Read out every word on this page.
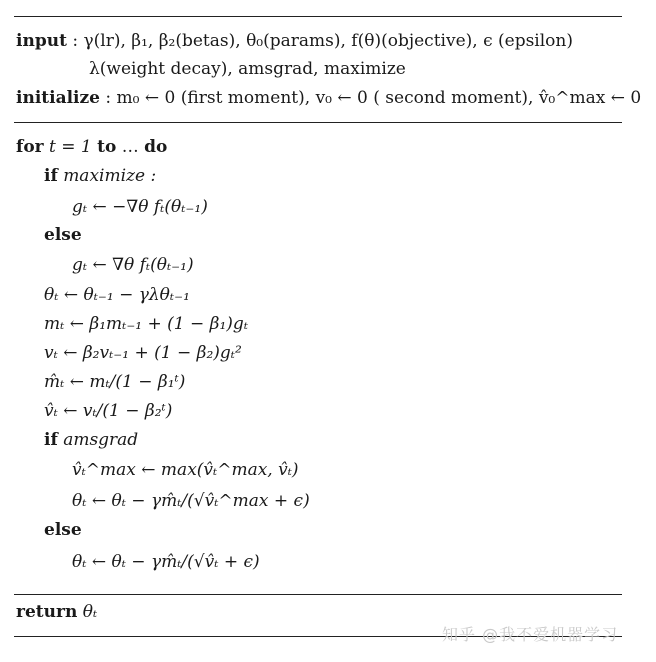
input : γ(lr), β₁, β₂(betas), θ₀(params), f(θ)(objective), ϵ (epsilon)
λ(weight decay), amsgrad, maximize
initialize : m₀ ← 0 (first moment), v₀ ← 0 ( second moment), v̂₀^max ← 0
for t = 1 to … do
if maximize :
gₜ ← −∇θ fₜ(θₜ₋₁)
else
gₜ ← ∇θ fₜ(θₜ₋₁)
θₜ ← θₜ₋₁ − γλθₜ₋₁
mₜ ← β₁mₜ₋₁ + (1 − β₁)gₜ
vₜ ← β₂vₜ₋₁ + (1 − β₂)gₜ²
m̂ₜ ← mₜ/(1 − β₁ᵗ)
v̂ₜ ← vₜ/(1 − β₂ᵗ)
if amsgrad
v̂ₜ^max ← max(v̂ₜ^max, v̂ₜ)
θₜ ← θₜ − γm̂ₜ/(√v̂ₜ^max + ϵ)
else
θₜ ← θₜ − γm̂ₜ/(√v̂ₜ + ϵ)
return θₜ
知乎 @我不爱机器学习
